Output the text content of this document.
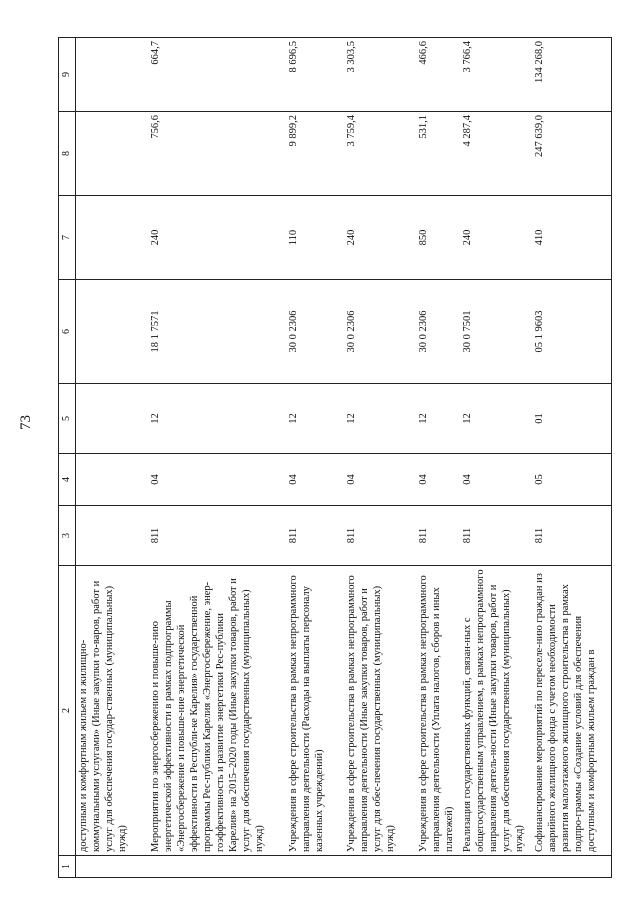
73
1	2	3	4	5	6	7	8	9
	доступным и комфортным жильем и жилищно-коммунальными услугами» (Иные закупки то-варов, работ и услуг для обеспечения государ-ственных (муниципальных) нужд)							
	Мероприятия по энергосбережению и повыше-нию энергетической эффективности в рамках подпрограммы «Энергосбережение и повыше-ние энергетической эффективности в Республи-ке Карелия» государственной программы Рес-публики Карелия «Энергосбережение, энер-гоэффективность и развитие энергетики Рес-публики Карелия» на 2015–2020 годы (Иные закупки товаров, работ и услуг для обеспечения государственных (муниципальных) нужд)	811	04	12	18 1 7571	240	756,6	664,7
	Учреждения в сфере строительства в рамках непрограммного направления деятельности (Расходы на выплаты персоналу казенных учреждений)	811	04	12	30 0 2306	110	9 899,2	8 696,5
	Учреждения в сфере строительства в рамках непрограммного направления деятельности (Иные закупки товаров, работ и услуг для обес-печения государственных (муниципальных) нужд)	811	04	12	30 0 2306	240	3 759,4	3 303,5
	Учреждения в сфере строительства в рамках непрограммного направления деятельности (Уплата налогов, сборов и иных платежей)	811	04	12	30 0 2306	850	531,1	466,6
	Реализация государственных функций, связан-ных с общегосударственным управлением, в рамках непрограммного направления деятель-ности (Иные закупки товаров, работ и услуг для обеспечения государственных (муниципальных) нужд)	811	04	12	30 0 7501	240	4 287,4	3 766,4
	Софинансирование мероприятий по переселе-нию граждан из аварийного жилищного фонда с учетом необходимости развития малоэтажного жилищного строительства в рамках подпро-граммы «Создание условий для обеспечения доступным и комфортным жильем граждан в	811	05	01	05 1 9603	410	247 639,0	134 268,0
